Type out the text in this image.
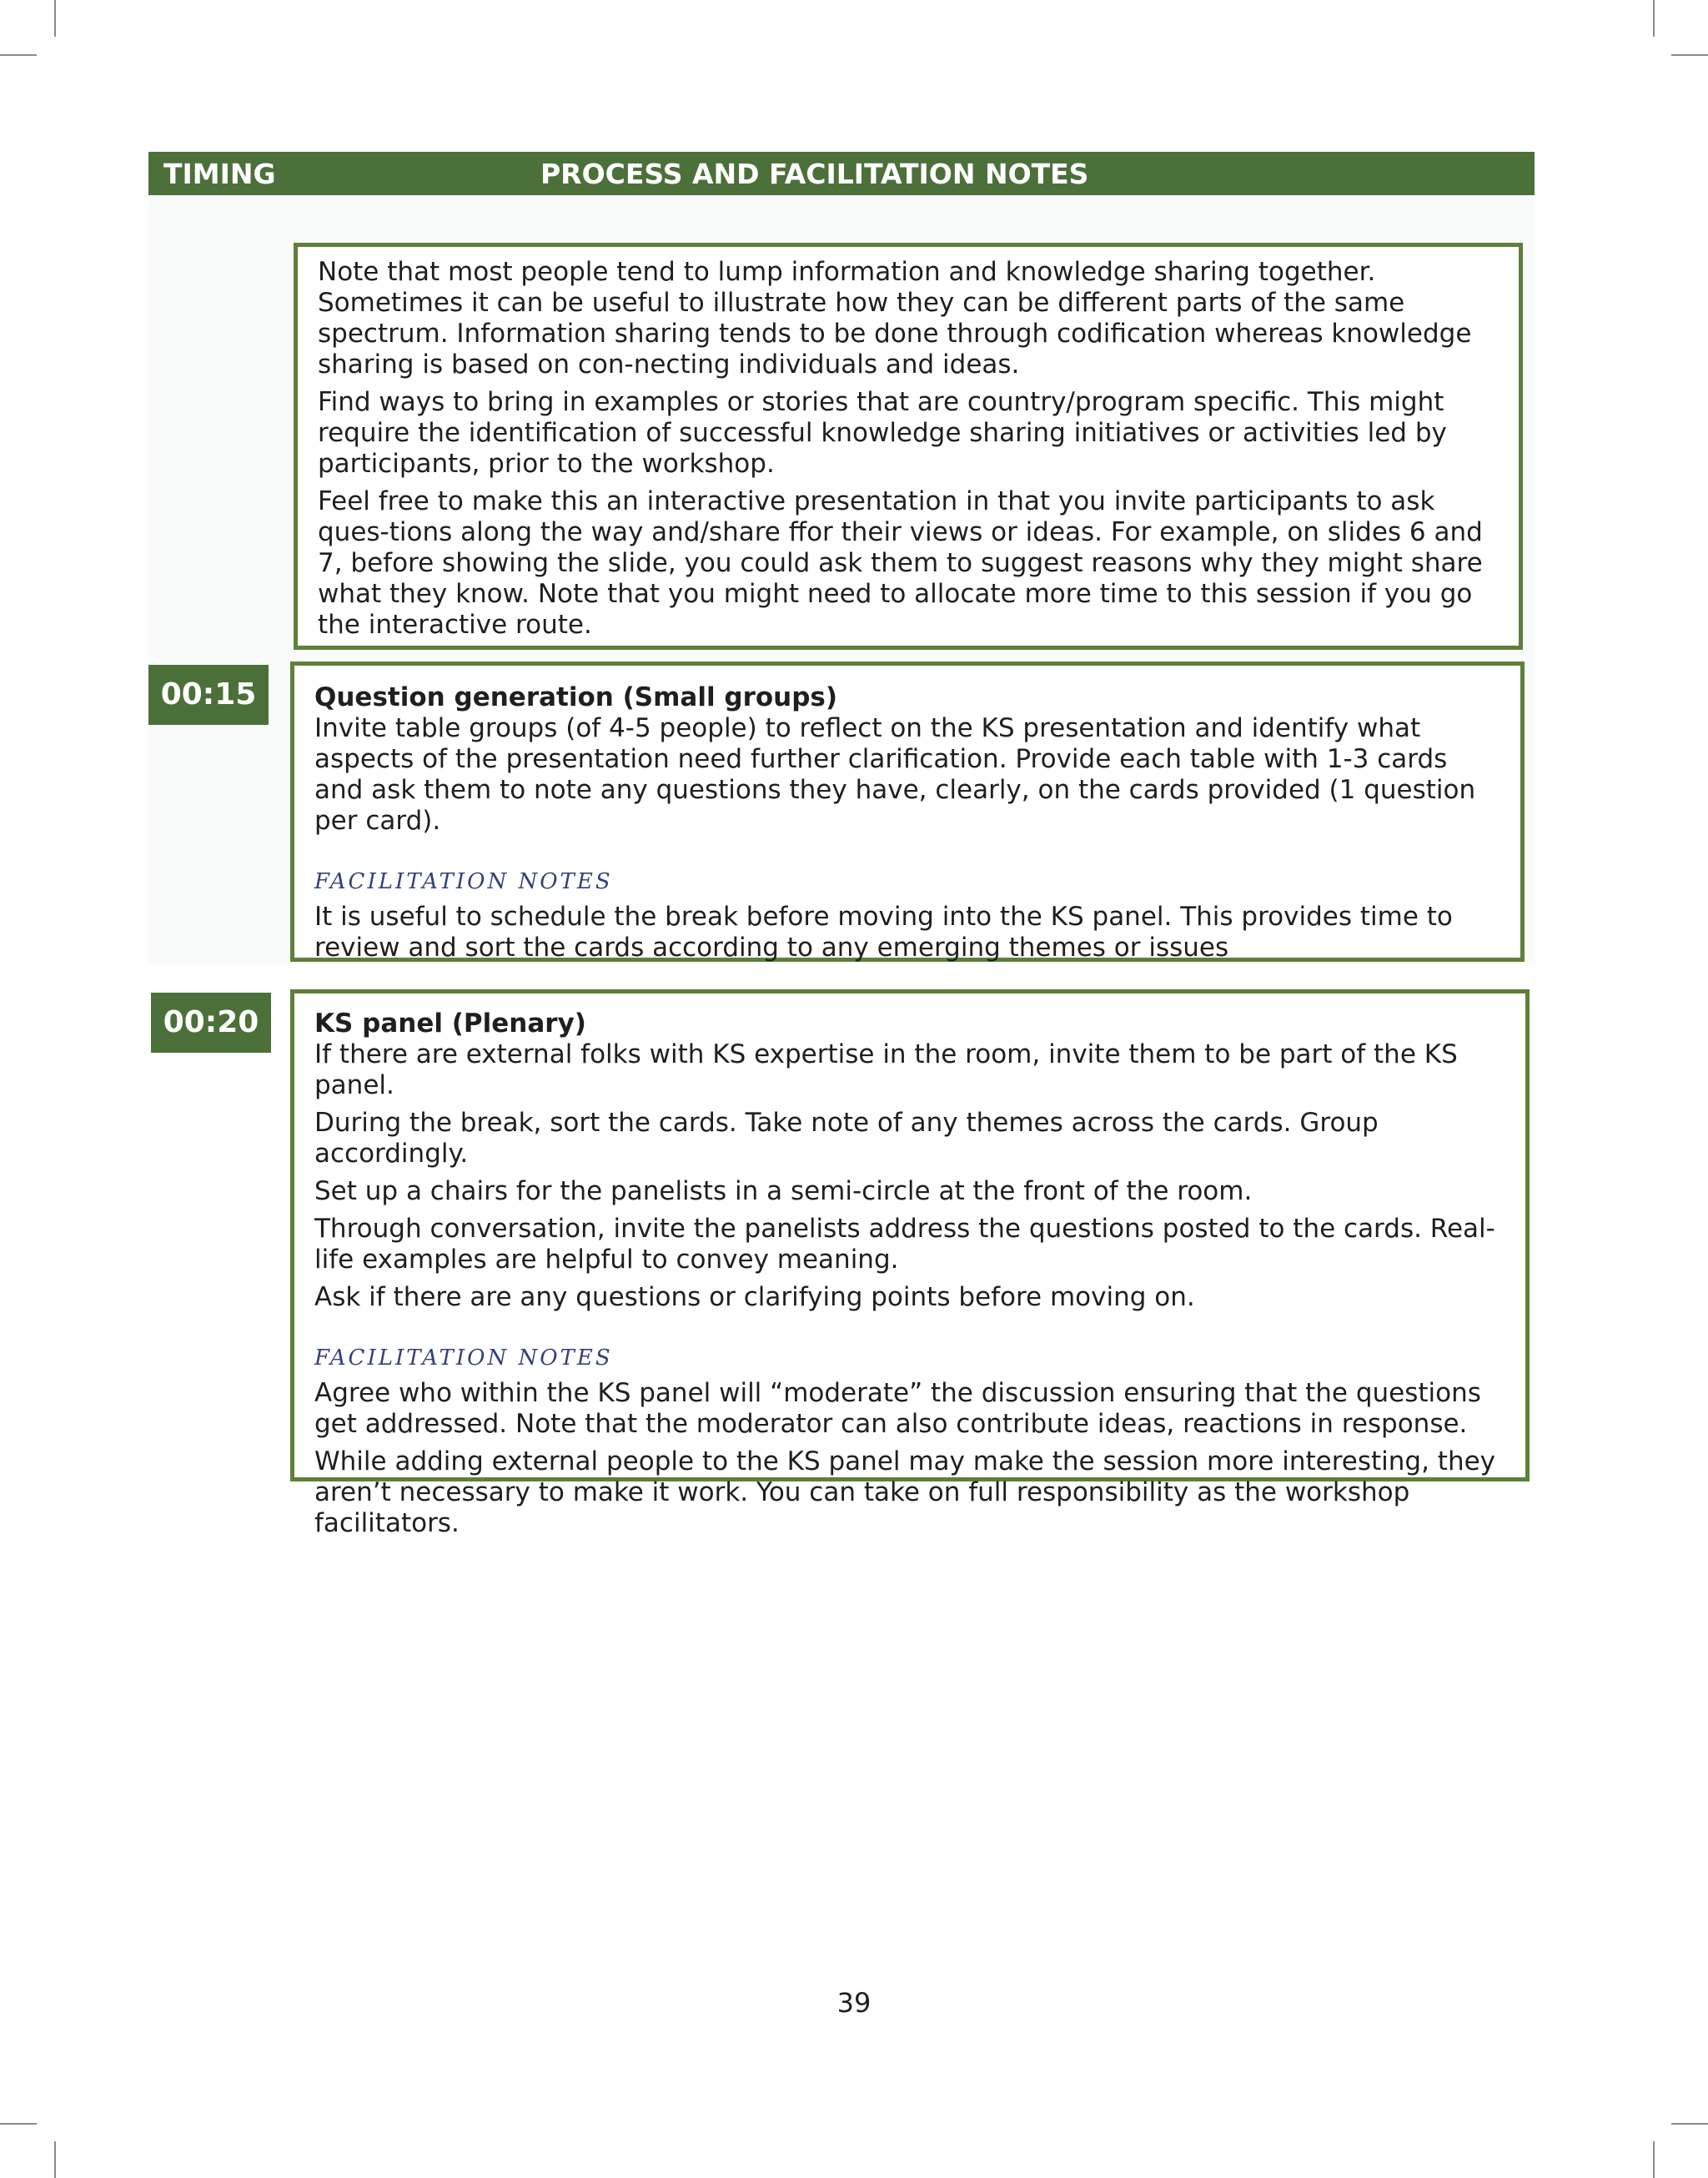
TIMING	PROCESS AND FACILITATION NOTES

Note that most people tend to lump information and knowledge sharing together. Sometimes it can be useful to illustrate how they can be different parts of the same spectrum. Information sharing tends to be done through codification whereas knowledge sharing is based on con-necting individuals and ideas.

Find ways to bring in examples or stories that are country/program specific. This might require the identification of successful knowledge sharing initiatives or activities led by participants, prior to the workshop.

Feel free to make this an interactive presentation in that you invite participants to ask ques-tions along the way and/share ffor their views or ideas. For example, on slides 6 and 7, before showing the slide, you could ask them to suggest reasons why they might share what they know. Note that you might need to allocate more time to this session if you go the interactive route.

00:15	Question generation (Small groups)

Invite table groups (of 4-5 people) to reflect on the KS presentation and identify what aspects of the presentation need further clarification. Provide each table with 1-3 cards and ask them to note any questions they have, clearly, on the cards provided (1 question per card).

FACILITATION NOTES

It is useful to schedule the break before moving into the KS panel. This provides time to review and sort the cards according to any emerging themes or issues

00:20	KS panel (Plenary)

If there are external folks with KS expertise in the room, invite them to be part of the KS panel.

During the break, sort the cards. Take note of any themes across the cards. Group accordingly.

Set up a chairs for the panelists in a semi-circle at the front of the room.

Through conversation, invite the panelists address the questions posted to the cards. Real-life examples are helpful to convey meaning.

Ask if there are any questions or clarifying points before moving on.

FACILITATION NOTES

Agree who within the KS panel will “moderate” the discussion ensuring that the questions get addressed. Note that the moderator can also contribute ideas, reactions in response.

While adding external people to the KS panel may make the session more interesting, they aren’t necessary to make it work. You can take on full responsibility as the workshop facilitators.

39
